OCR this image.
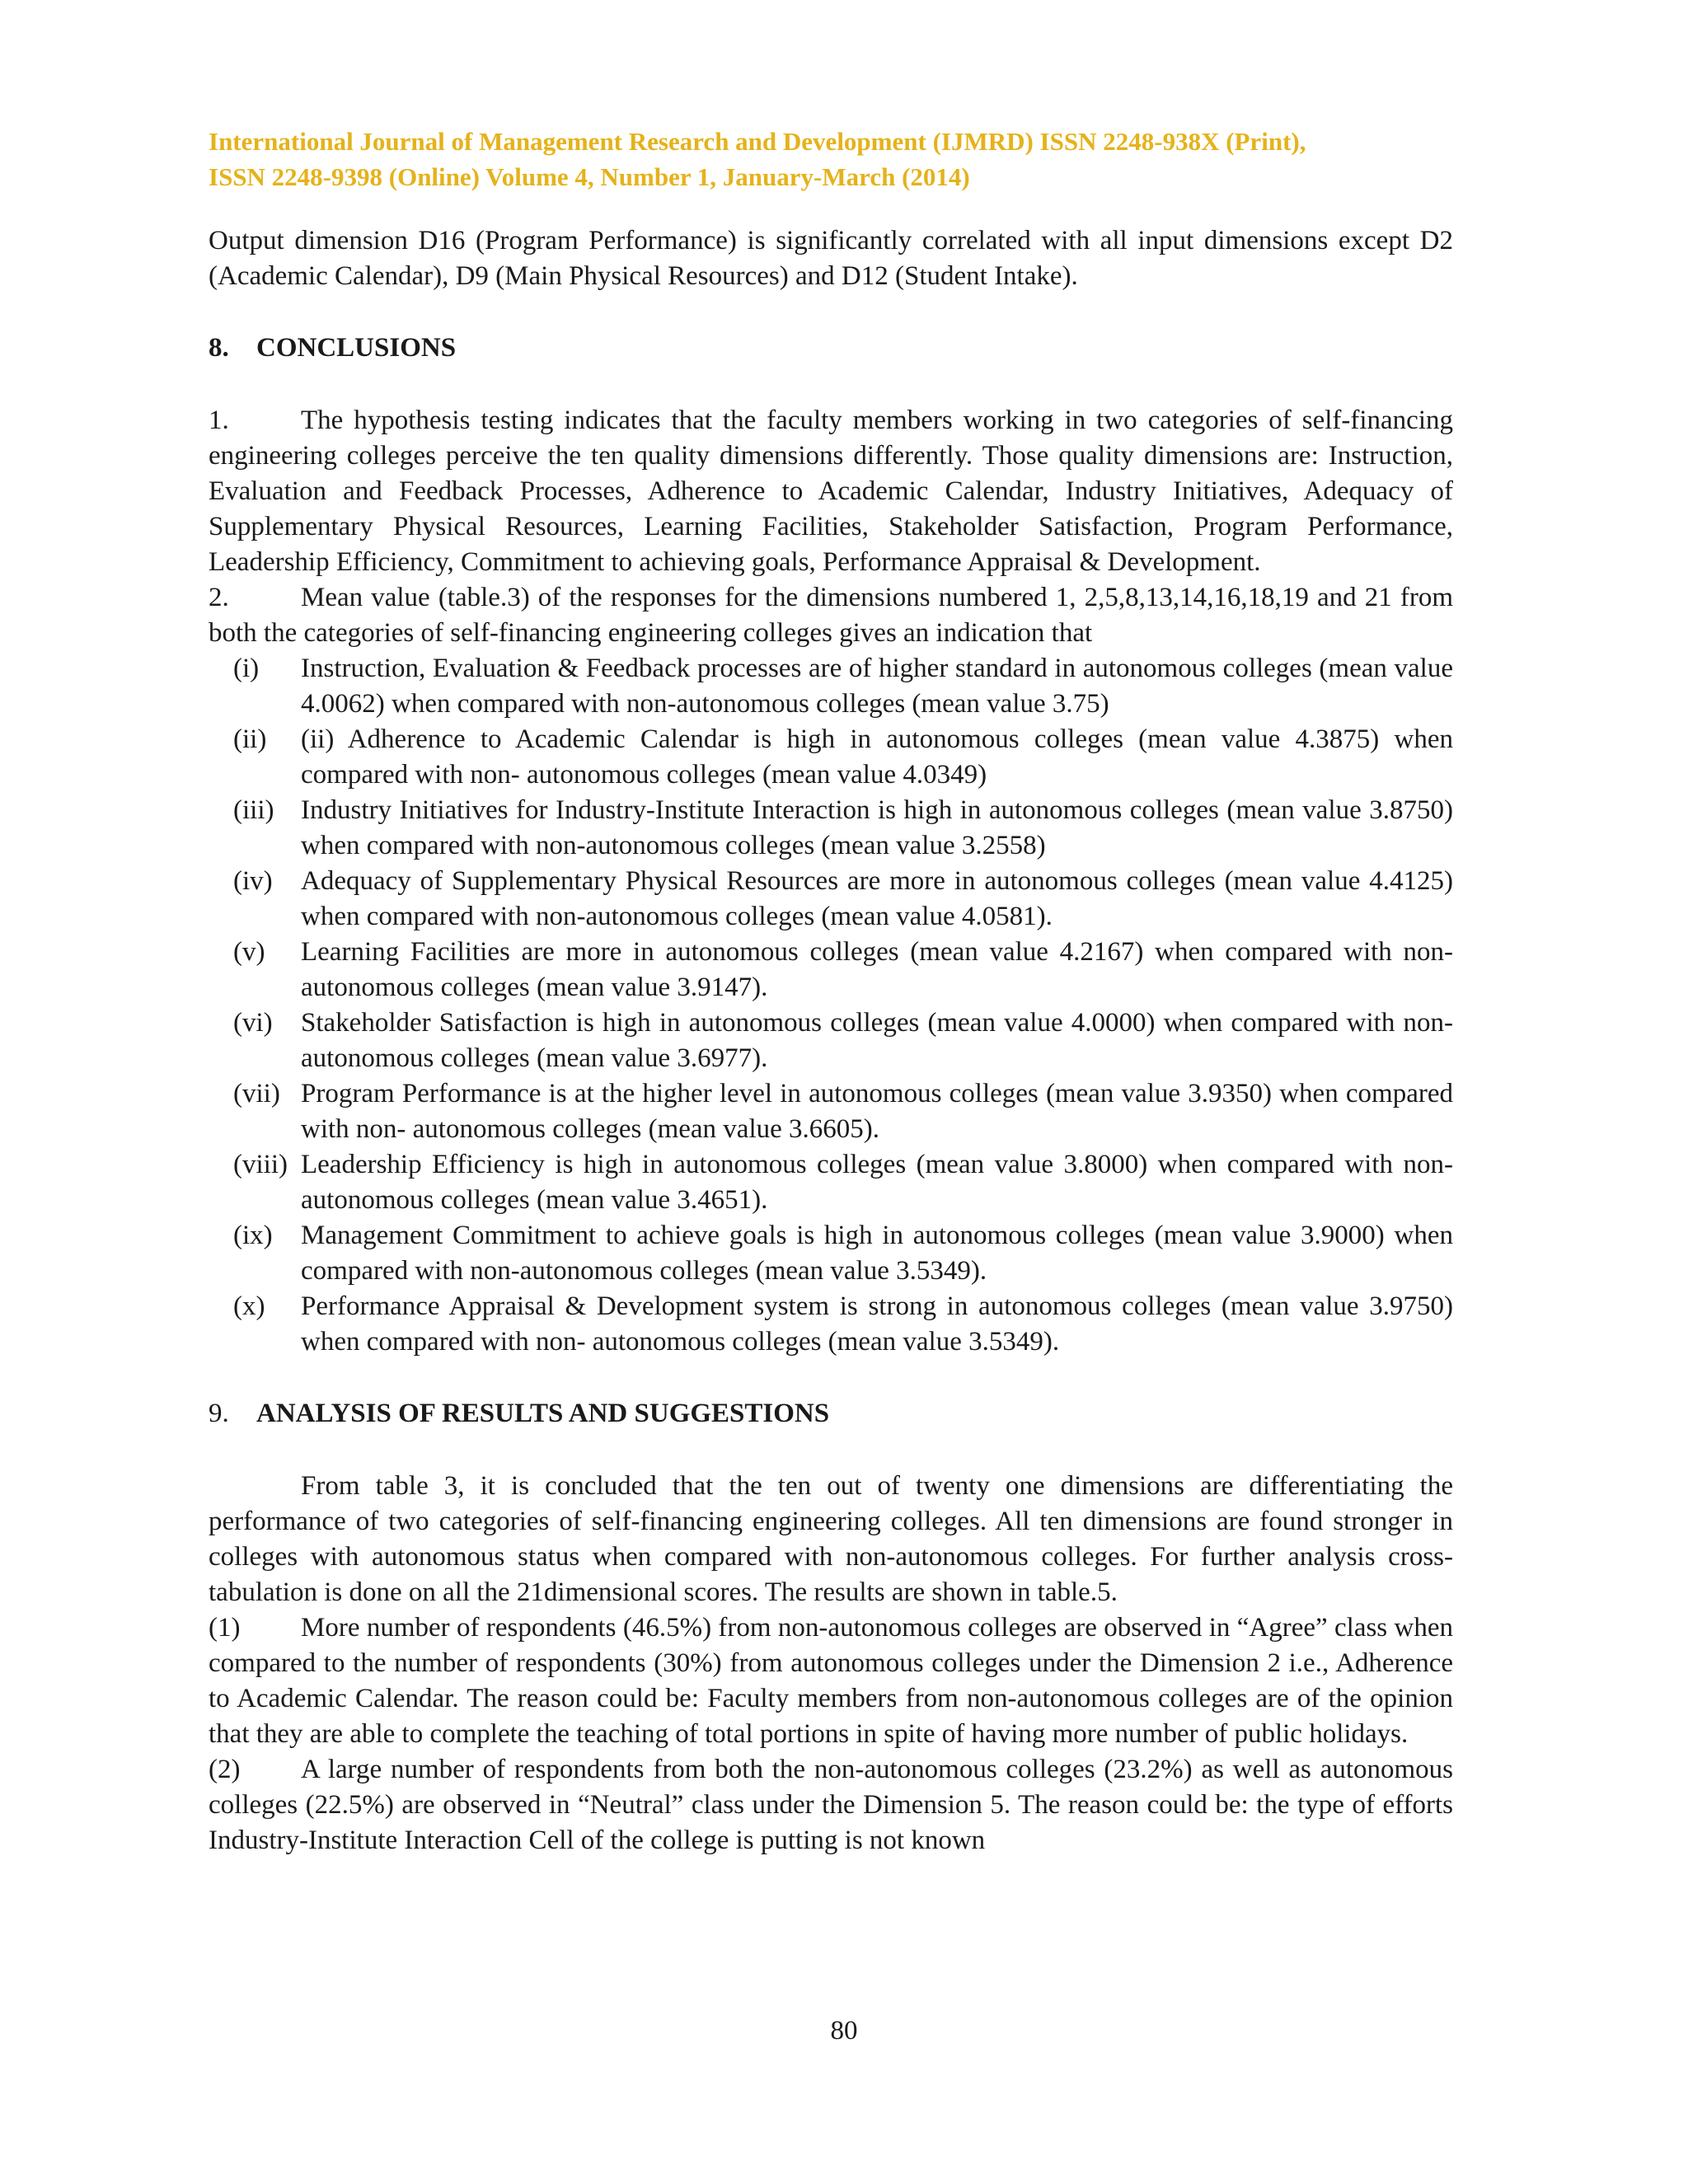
International Journal of Management Research and Development (IJMRD) ISSN 2248-938X (Print),
ISSN 2248-9398 (Online) Volume 4, Number 1, January-March (2014)

Output dimension D16 (Program Performance) is significantly correlated with all input dimensions except D2 (Academic Calendar), D9 (Main Physical Resources) and D12 (Student Intake).

8. CONCLUSIONS

1.	The hypothesis testing indicates that the faculty members working in two categories of self-financing engineering colleges perceive the ten quality dimensions differently. Those quality dimensions are: Instruction, Evaluation and Feedback Processes, Adherence to Academic Calendar, Industry Initiatives, Adequacy of Supplementary Physical Resources, Learning Facilities, Stakeholder Satisfaction, Program Performance, Leadership Efficiency, Commitment to achieving goals, Performance Appraisal & Development.

2.	Mean value (table.3) of the responses for the dimensions numbered 1, 2,5,8,13,14,16,18,19 and 21 from both the categories of self-financing engineering colleges gives an indication that

(i)	Instruction, Evaluation & Feedback processes are of higher standard in autonomous colleges (mean value 4.0062) when compared with non-autonomous colleges (mean value 3.75)
(ii)	(ii) Adherence to Academic Calendar is high in autonomous colleges (mean value 4.3875) when compared with non- autonomous colleges (mean value 4.0349)
(iii) Industry Initiatives for Industry-Institute Interaction is high in autonomous colleges (mean value 3.8750) when compared with non-autonomous colleges (mean value 3.2558)
(iv)	Adequacy of Supplementary Physical Resources are more in autonomous colleges (mean value 4.4125) when compared with non-autonomous colleges (mean value 4.0581).
(v)	Learning Facilities are more in autonomous colleges (mean value 4.2167) when compared with non-autonomous colleges (mean value 3.9147).
(vi)	Stakeholder Satisfaction is high in autonomous colleges (mean value 4.0000) when compared with non-autonomous colleges (mean value 3.6977).
(vii) Program Performance is at the higher level in autonomous colleges (mean value 3.9350) when compared with non- autonomous colleges (mean value 3.6605).
(viii) Leadership Efficiency is high in autonomous colleges (mean value 3.8000) when compared with non-autonomous colleges (mean value 3.4651).
(ix)	Management Commitment to achieve goals is high in autonomous colleges (mean value 3.9000) when compared with non-autonomous colleges (mean value 3.5349).
(x)	Performance Appraisal & Development system is strong in autonomous colleges (mean value 3.9750) when compared with non- autonomous colleges (mean value 3.5349).
9. ANALYSIS OF RESULTS AND SUGGESTIONS

From table 3, it is concluded that the ten out of twenty one dimensions are differentiating the performance of two categories of self-financing engineering colleges. All ten dimensions are found stronger in colleges with autonomous status when compared with non-autonomous colleges. For further analysis cross-tabulation is done on all the 21dimensional scores. The results are shown in table.5.

(1) More number of respondents (46.5%) from non-autonomous colleges are observed in “Agree” class when compared to the number of respondents (30%) from autonomous colleges under the Dimension 2 i.e., Adherence to Academic Calendar. The reason could be: Faculty members from non-autonomous colleges are of the opinion that they are able to complete the teaching of total portions in spite of having more number of public holidays.

(2) A large number of respondents from both the non-autonomous colleges (23.2%) as well as autonomous colleges (22.5%) are observed in “Neutral” class under the Dimension 5. The reason could be: the type of efforts Industry-Institute Interaction Cell of the college is putting is not known

80
